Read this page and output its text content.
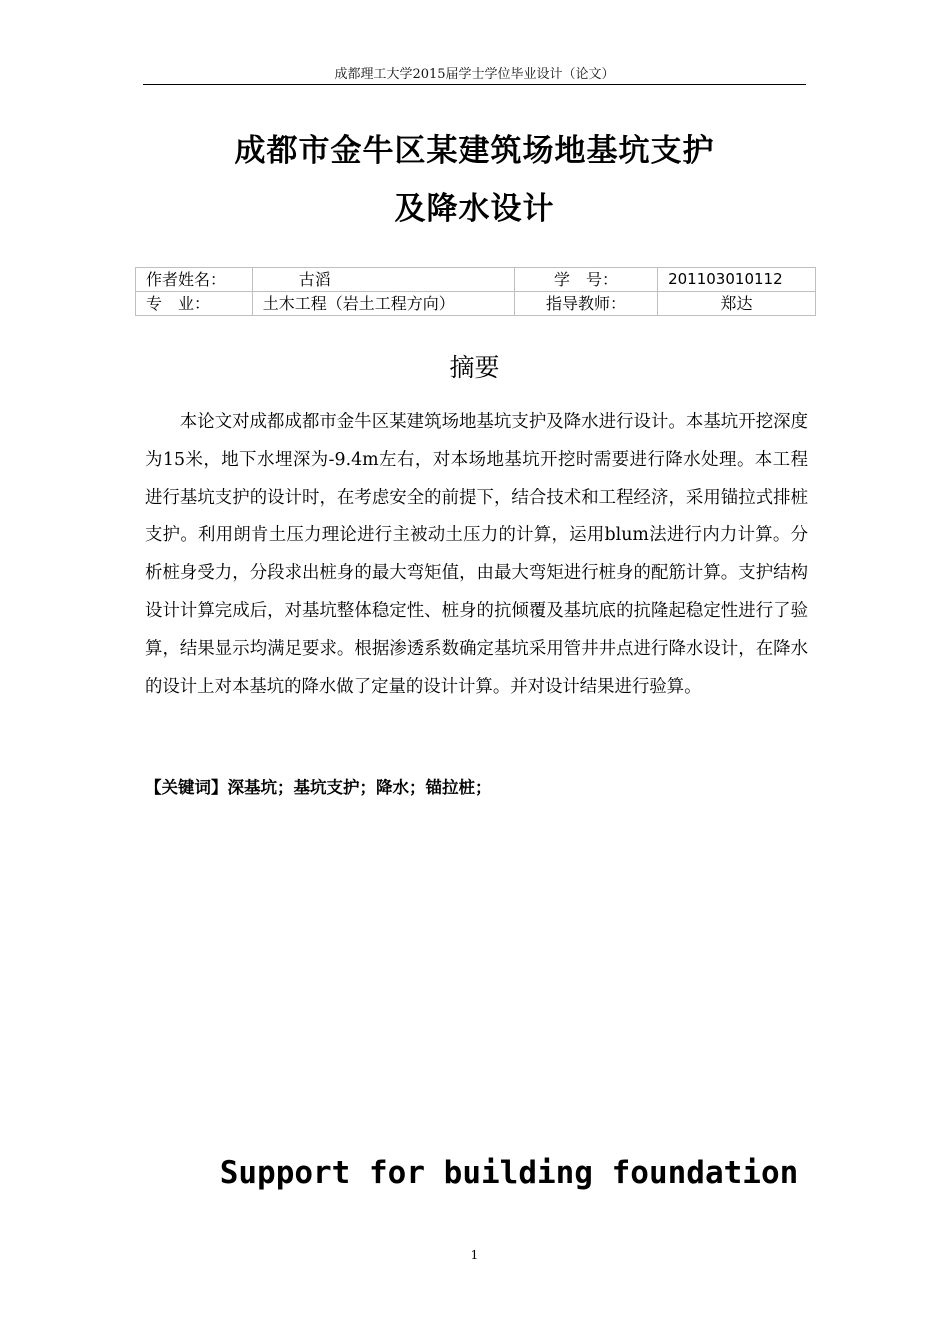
成都理工大学2015届学士学位毕业设计（论文）
成都市金牛区某建筑场地基坑支护
及降水设计
作者姓名：	古滔	学　号：	201103010112
专　业：	土木工程（岩土工程方向）	指导教师：	郑达
摘要

本论文对成都成都市金牛区某建筑场地基坑支护及降水进行设计。本基坑开挖深度为15米，地下水埋深为-9.4m左右，对本场地基坑开挖时需要进行降水处理。本工程进行基坑支护的设计时，在考虑安全的前提下，结合技术和工程经济，采用锚拉式排桩支护。利用朗肯土压力理论进行主被动土压力的计算，运用blum法进行内力计算。分析桩身受力，分段求出桩身的最大弯矩值，由最大弯矩进行桩身的配筋计算。支护结构设计计算完成后，对基坑整体稳定性、桩身的抗倾覆及基坑底的抗隆起稳定性进行了验算，结果显示均满足要求。根据渗透系数确定基坑采用管井井点进行降水设计，在降水的设计上对本基坑的降水做了定量的设计计算。并对设计结果进行验算。

【关键词】深基坑；基坑支护；降水；锚拉桩；
Support for building foundation
1
